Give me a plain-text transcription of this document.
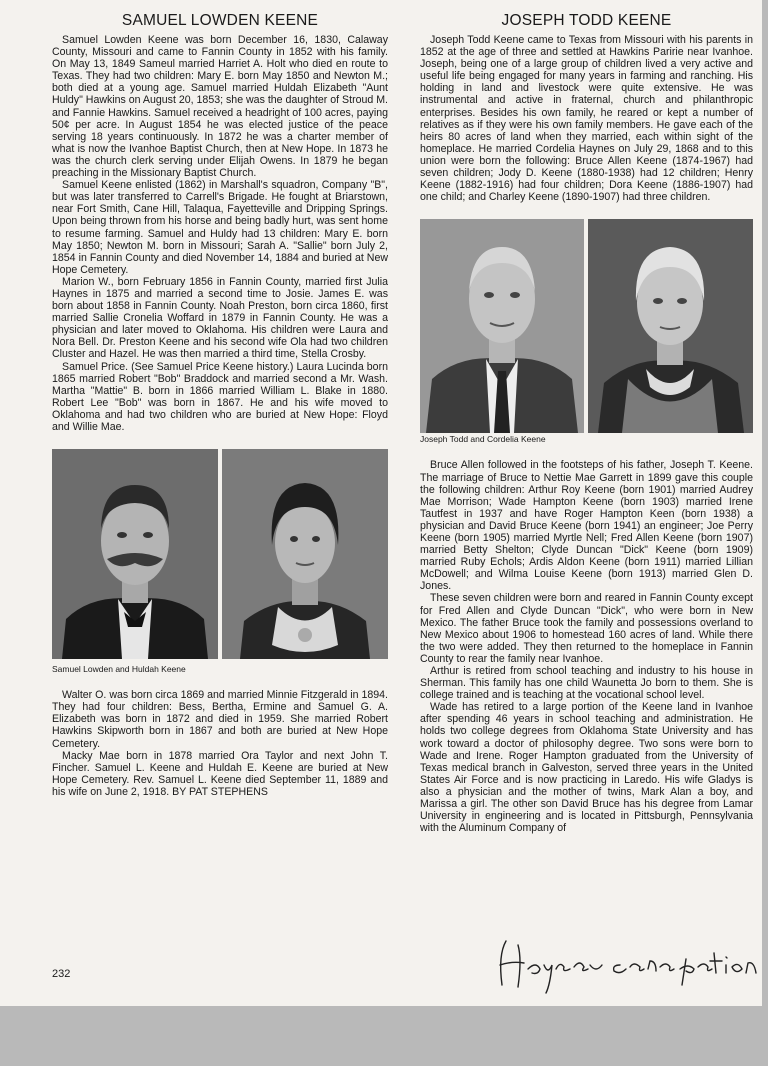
SAMUEL LOWDEN KEENE

Samuel Lowden Keene was born December 16, 1830, Calaway County, Missouri and came to Fannin County in 1852 with his family. On May 13, 1849 Sameul married Harriet A. Holt who died en route to Texas. They had two children: Mary E. born May 1850 and Newton M.; both died at a young age. Samuel married Huldah Elizabeth "Aunt Huldy" Hawkins on August 20, 1853; she was the daughter of Stroud M. and Fannie Hawkins. Samuel received a headright of 100 acres, paying 50¢ per acre. In August 1854 he was elected justice of the peace serving 18 years continuously. In 1872 he was a charter member of what is now the Ivanhoe Baptist Church, then at New Hope. In 1873 he was the church clerk serving under Elijah Owens. In 1879 he began preaching in the Missionary Baptist Church.

Samuel Keene enlisted (1862) in Marshall's squadron, Company "B", but was later transferred to Carrell's Brigade. He fought at Briarstown, near Fort Smith, Cane Hill, Talaqua, Fayetteville and Dripping Springs. Upon being thrown from his horse and being badly hurt, was sent home to resume farming. Samuel and Huldy had 13 children: Mary E. born May 1850; Newton M. born in Missouri; Sarah A. "Sallie" born July 2, 1854 in Fannin County and died November 14, 1884 and buried at New Hope Cemetery.

Marion W., born February 1856 in Fannin County, married first Julia Haynes in 1875 and married a second time to Josie. James E. was born about 1858 in Fannin County. Noah Preston, born circa 1860, first married Sallie Cronelia Woffard in 1879 in Fannin County. He was a physician and later moved to Oklahoma. His children were Laura and Nora Bell. Dr. Preston Keene and his second wife Ola had two children Cluster and Hazel. He was then married a third time, Stella Crosby.

Samuel Price. (See Samuel Price Keene history.) Laura Lucinda born 1865 married Robert "Bob" Braddock and married second a Mr. Wash. Martha "Mattie" B. born in 1866 married William L. Blake in 1880. Robert Lee "Bob" was born in 1867. He and his wife moved to Oklahoma and had two children who are buried at New Hope: Floyd and Willie Mae.

Samuel Lowden and Huldah Keene

Walter O. was born circa 1869 and married Minnie Fitzgerald in 1894. They had four children: Bess, Bertha, Ermine and Samuel G. A. Elizabeth was born in 1872 and died in 1959. She married Robert Hawkins Skipworth born in 1867 and both are buried at New Hope Cemetery.

Macky Mae born in 1878 married Ora Taylor and next John T. Fincher. Samuel L. Keene and Huldah E. Keene are buried at New Hope Cemetery. Rev. Samuel L. Keene died September 11, 1889 and his wife on June 2, 1918. BY PAT STEPHENS

JOSEPH TODD KEENE

Joseph Todd Keene came to Texas from Missouri with his parents in 1852 at the age of three and settled at Hawkins Paririe near Ivanhoe. Joseph, being one of a large group of children lived a very active and useful life being engaged for many years in farming and ranching. His holding in land and livestock were quite extensive. He was instrumental and active in fraternal, church and philanthropic enterprises. Besides his own family, he reared or kept a number of relatives as if they were his own family members. He gave each of the heirs 80 acres of land when they married, each within sight of the homeplace. He married Cordelia Haynes on July 29, 1868 and to this union were born the following: Bruce Allen Keene (1874-1967) had seven children; Jody D. Keene (1880-1938) had 12 children; Henry Keene (1882-1916) had four children; Dora Keene (1886-1907) had one child; and Charley Keene (1890-1907) had three children.

Joseph Todd and Cordelia Keene

Bruce Allen followed in the footsteps of his father, Joseph T. Keene. The marriage of Bruce to Nettie Mae Garrett in 1899 gave this couple the following children: Arthur Roy Keene (born 1901) married Audrey Mae Morrison; Wade Hampton Keene (born 1903) married Irene Tautfest in 1937 and have Roger Hampton Keen (born 1938) a physician and David Bruce Keene (born 1941) an engineer; Joe Perry Keene (born 1905) married Myrtle Nell; Fred Allen Keene (born 1907) married Betty Shelton; Clyde Duncan "Dick" Keene (born 1909) married Ruby Echols; Ardis Aldon Keene (born 1911) married Lillian McDowell; and Wilma Louise Keene (born 1913) married Glen D. Jones.

These seven children were born and reared in Fannin County except for Fred Allen and Clyde Duncan "Dick", who were born in New Mexico. The father Bruce took the family and possessions overland to New Mexico about 1906 to homestead 160 acres of land. While there the two were added. They then returned to the homeplace in Fannin County to rear the family near Ivanhoe.

Arthur is retired from school teaching and industry to his house in Sherman. This family has one child Waunetta Jo born to them. She is college trained and is teaching at the vocational school level.

Wade has retired to a large portion of the Keene land in Ivanhoe after spending 46 years in school teaching and administration. He holds two college degrees from Oklahoma State University and has work toward a doctor of philosophy degree. Two sons were born to Wade and Irene. Roger Hampton graduated from the University of Texas medical branch in Galveston, served three years in the United States Air Force and is now practicing in Laredo. His wife Gladys is also a physician and the mother of twins, Mark Alan a boy, and Marissa a girl. The other son David Bruce has his degree from Lamar University in engineering and is located in Pittsburgh, Pennsylvania with the Aluminum Company of

232
